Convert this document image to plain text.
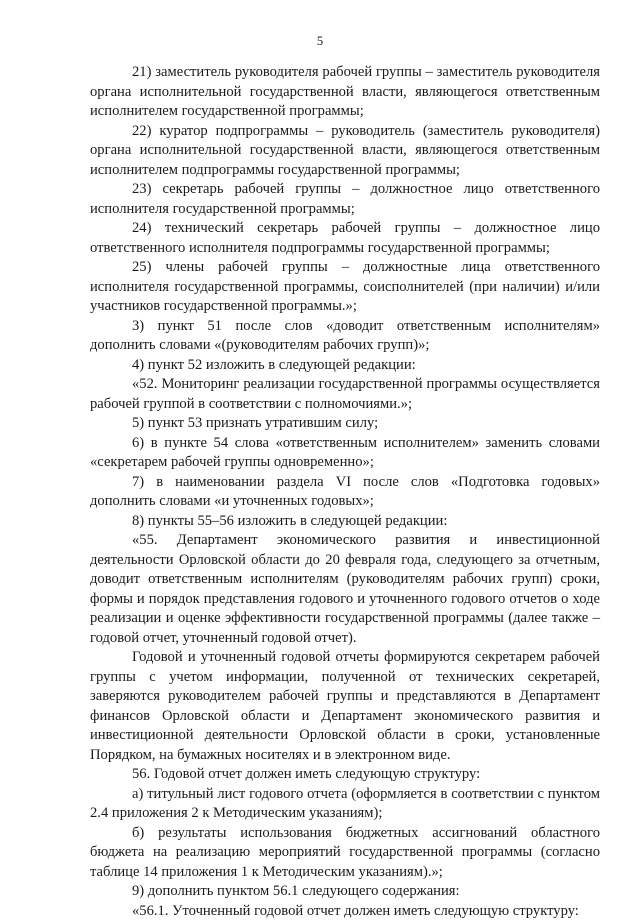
5

21) заместитель руководителя рабочей группы – заместитель руководителя органа исполнительной государственной власти, являющегося ответственным исполнителем государственной программы;

22) куратор подпрограммы – руководитель (заместитель руководителя) органа исполнительной государственной власти, являющегося ответственным исполнителем подпрограммы государственной программы;

23) секретарь рабочей группы – должностное лицо ответственного исполнителя государственной программы;

24) технический секретарь рабочей группы – должностное лицо ответственного исполнителя подпрограммы государственной программы;

25) члены рабочей группы – должностные лица ответственного исполнителя государственной программы, соисполнителей (при наличии) и/или участников государственной программы.»;

3) пункт 51 после слов «доводит ответственным исполнителям» дополнить словами «(руководителям рабочих групп)»;

4) пункт 52 изложить в следующей редакции:

«52. Мониторинг реализации государственной программы осуществляется рабочей группой в соответствии с полномочиями.»;

5) пункт 53 признать утратившим силу;

6) в пункте 54 слова «ответственным исполнителем» заменить словами «секретарем рабочей группы одновременно»;

7) в наименовании раздела VI после слов «Подготовка годовых» дополнить словами «и уточненных годовых»;

8) пункты 55–56 изложить в следующей редакции:

«55. Департамент экономического развития и инвестиционной деятельности Орловской области до 20 февраля года, следующего за отчетным, доводит ответственным исполнителям (руководителям рабочих групп) сроки, формы и порядок представления годового и уточненного годового отчетов о ходе реализации и оценке эффективности государственной программы (далее также – годовой отчет, уточненный годовой отчет).

Годовой и уточненный годовой отчеты формируются секретарем рабочей группы с учетом информации, полученной от технических секретарей, заверяются руководителем рабочей группы и представляются в Департамент финансов Орловской области и Департамент экономического развития и инвестиционной деятельности Орловской области в сроки, установленные Порядком, на бумажных носителях и в электронном виде.

56. Годовой отчет должен иметь следующую структуру:

а) титульный лист годового отчета (оформляется в соответствии с пунктом 2.4 приложения 2 к Методическим указаниям);

б) результаты использования бюджетных ассигнований областного бюджета на реализацию мероприятий государственной программы (согласно таблице 14 приложения 1 к Методическим указаниям).»;

9) дополнить пунктом 56.1 следующего содержания:

«56.1. Уточненный годовой отчет должен иметь следующую структуру:
